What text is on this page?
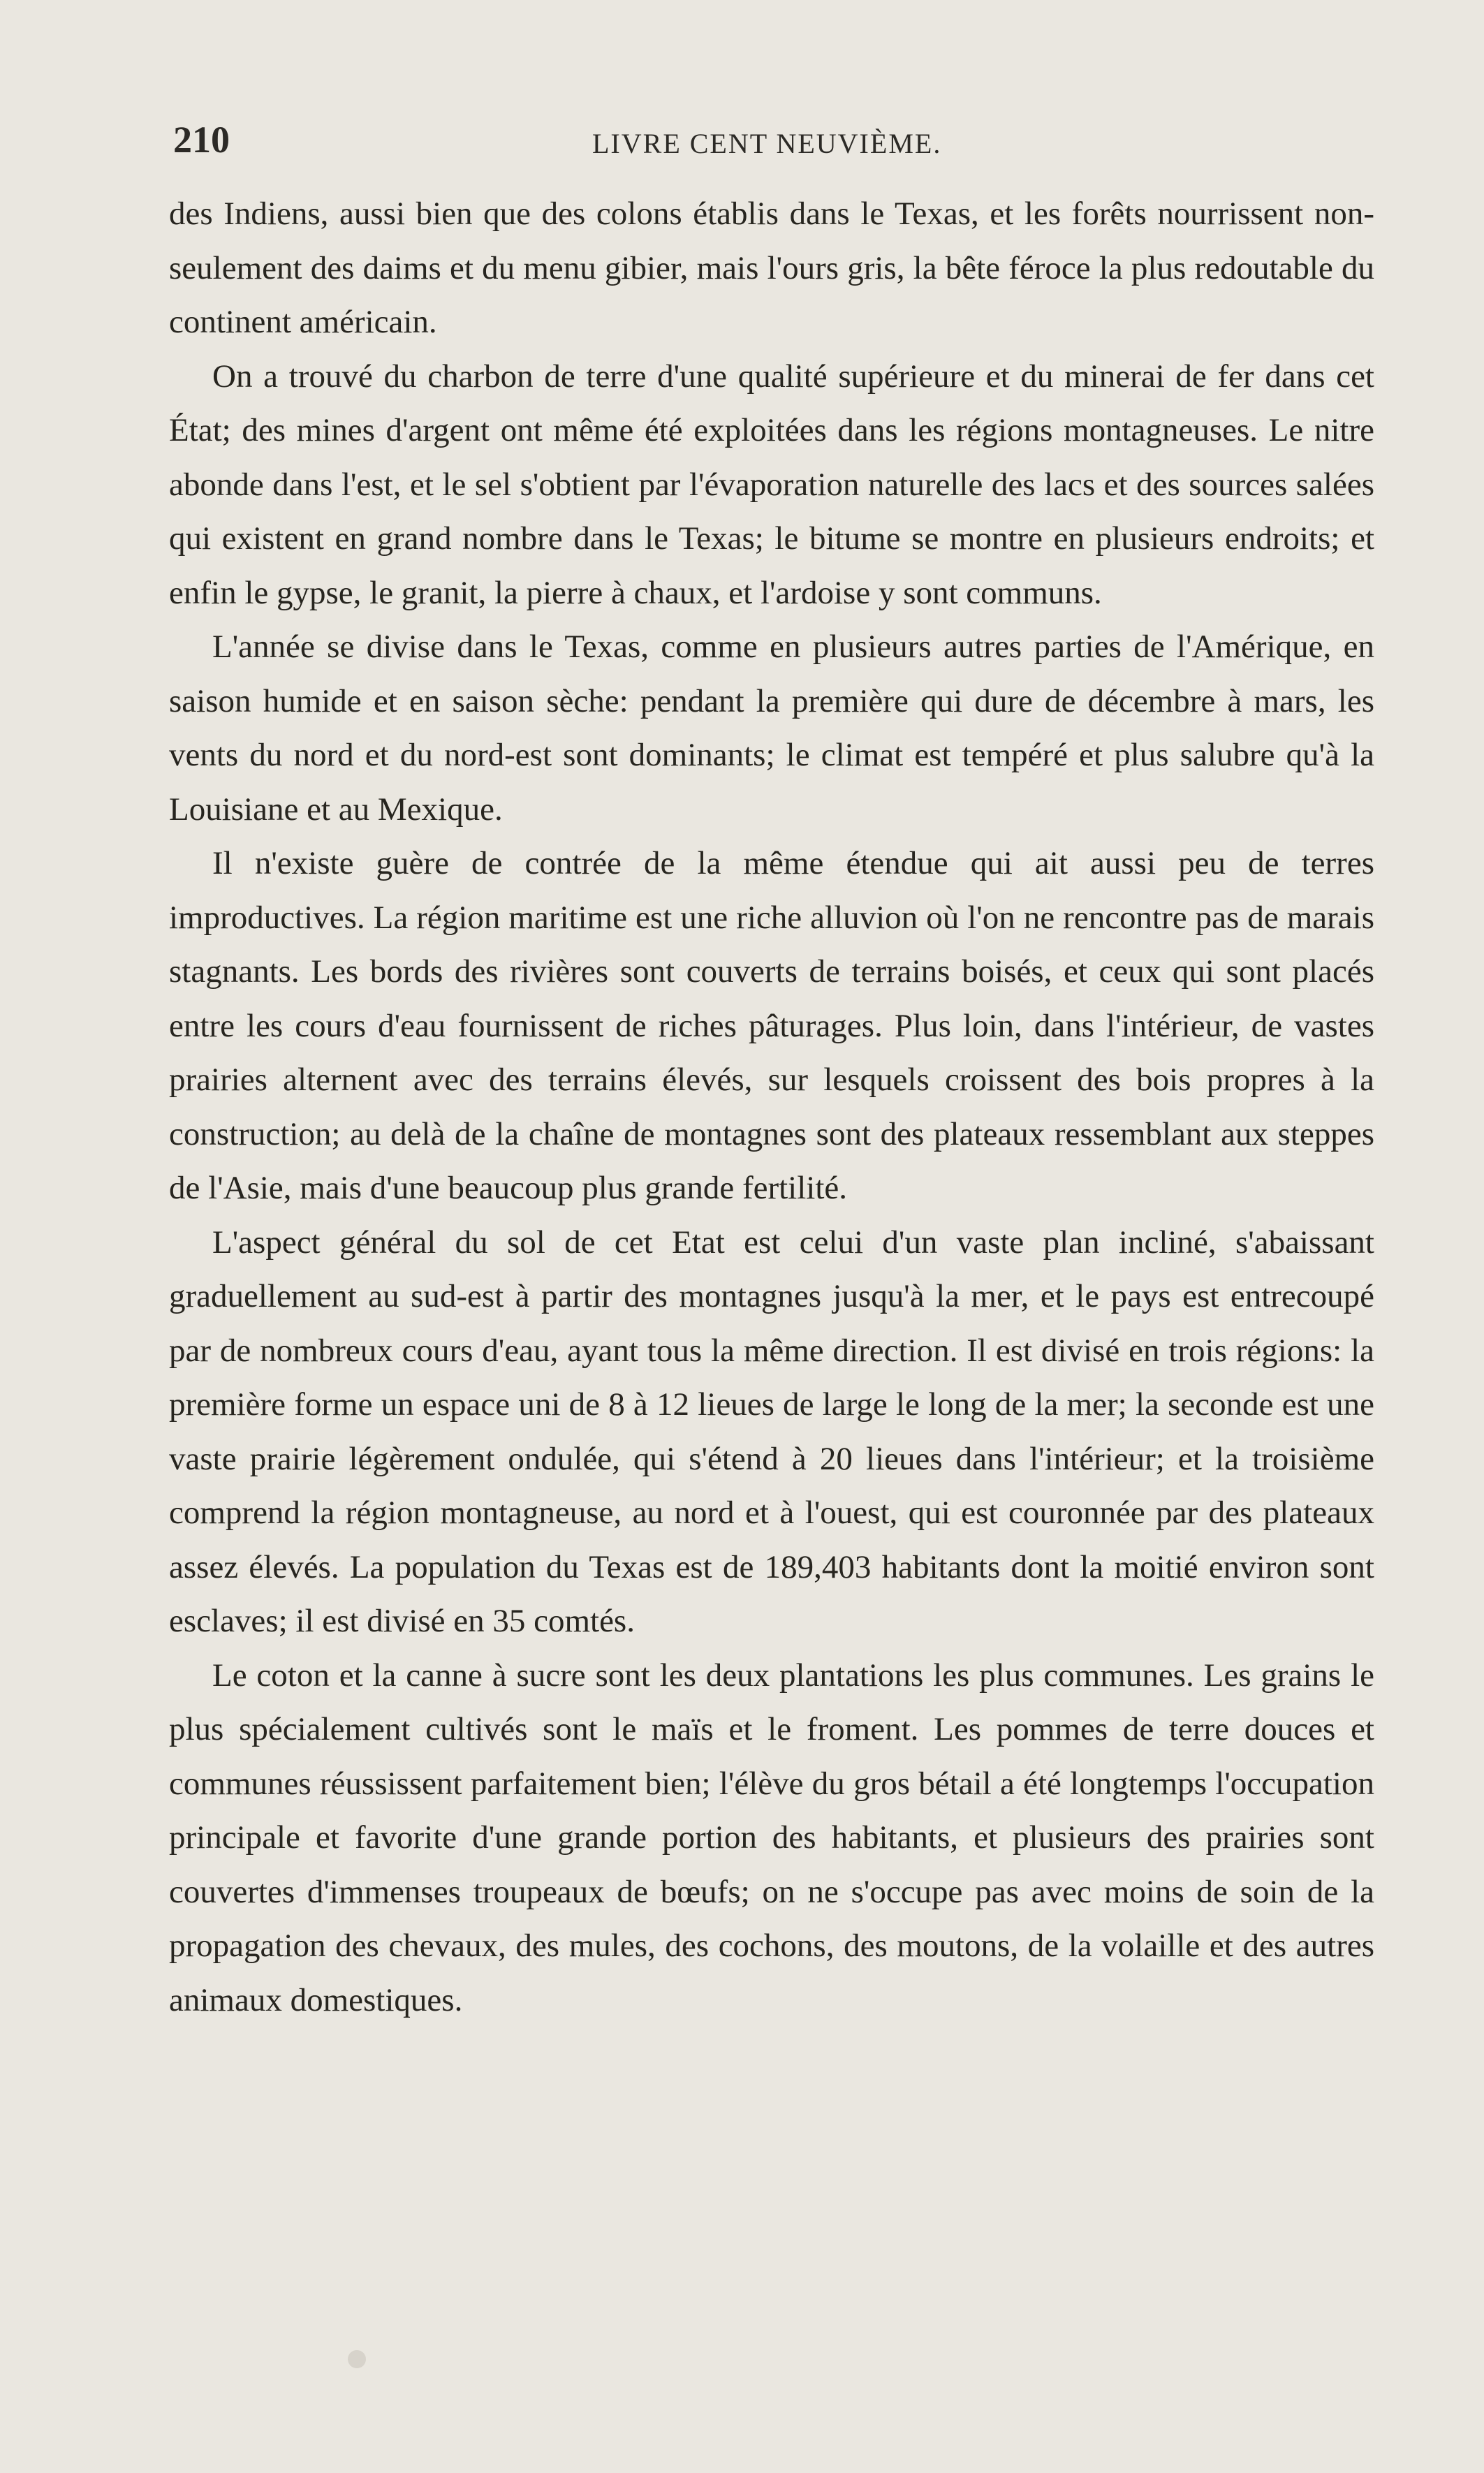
210	LIVRE CENT NEUVIÈME.

des Indiens, aussi bien que des colons établis dans le Texas, et les forêts nourrissent non-seulement des daims et du menu gibier, mais l'ours gris, la bête féroce la plus redoutable du continent américain.

On a trouvé du charbon de terre d'une qualité supérieure et du minerai de fer dans cet État; des mines d'argent ont même été exploitées dans les régions montagneuses. Le nitre abonde dans l'est, et le sel s'obtient par l'évaporation naturelle des lacs et des sources salées qui existent en grand nombre dans le Texas; le bitume se montre en plusieurs endroits; et enfin le gypse, le granit, la pierre à chaux, et l'ardoise y sont communs.

L'année se divise dans le Texas, comme en plusieurs autres parties de l'Amérique, en saison humide et en saison sèche: pendant la première qui dure de décembre à mars, les vents du nord et du nord-est sont dominants; le climat est tempéré et plus salubre qu'à la Louisiane et au Mexique.

Il n'existe guère de contrée de la même étendue qui ait aussi peu de terres improductives. La région maritime est une riche alluvion où l'on ne rencontre pas de marais stagnants. Les bords des rivières sont couverts de terrains boisés, et ceux qui sont placés entre les cours d'eau fournissent de riches pâturages. Plus loin, dans l'intérieur, de vastes prairies alternent avec des terrains élevés, sur lesquels croissent des bois propres à la construction; au delà de la chaîne de montagnes sont des plateaux ressemblant aux steppes de l'Asie, mais d'une beaucoup plus grande fertilité.

L'aspect général du sol de cet Etat est celui d'un vaste plan incliné, s'abaissant graduellement au sud-est à partir des montagnes jusqu'à la mer, et le pays est entrecoupé par de nombreux cours d'eau, ayant tous la même direction. Il est divisé en trois régions: la première forme un espace uni de 8 à 12 lieues de large le long de la mer; la seconde est une vaste prairie légèrement ondulée, qui s'étend à 20 lieues dans l'intérieur; et la troisième comprend la région montagneuse, au nord et à l'ouest, qui est couronnée par des plateaux assez élevés. La population du Texas est de 189,403 habitants dont la moitié environ sont esclaves; il est divisé en 35 comtés.

Le coton et la canne à sucre sont les deux plantations les plus communes. Les grains le plus spécialement cultivés sont le maïs et le froment. Les pommes de terre douces et communes réussissent parfaitement bien; l'élève du gros bétail a été longtemps l'occupation principale et favorite d'une grande portion des habitants, et plusieurs des prairies sont couvertes d'immenses troupeaux de bœufs; on ne s'occupe pas avec moins de soin de la propagation des chevaux, des mules, des cochons, des moutons, de la volaille et des autres animaux domestiques.
